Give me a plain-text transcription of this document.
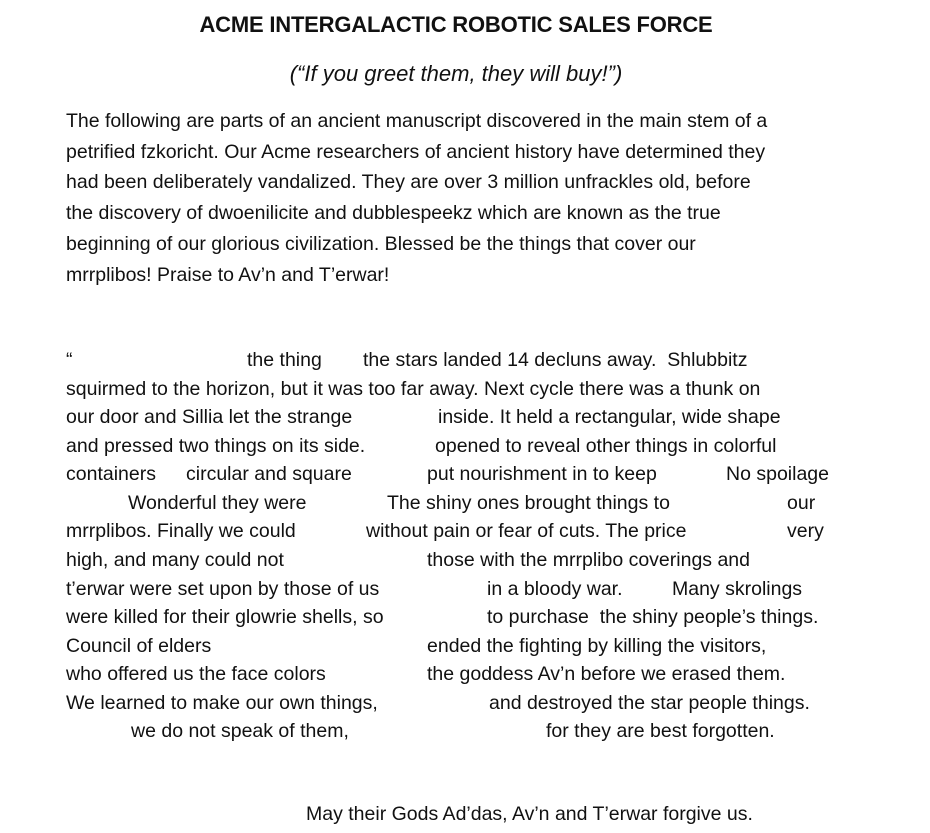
ACME INTERGALACTIC ROBOTIC SALES FORCE
(“If you greet them, they will buy!”)

The following are parts of an ancient manuscript discovered in the main stem of a

petrified fzkoricht. Our Acme researchers of ancient history have determined they

had been deliberately vandalized. They are over 3 million unfrackles old, before

the discovery of dwoenilicite and dubblespeekz which are known as the true

beginning of our glorious civilization. Blessed be the things that cover our

mrrplibos! Praise to Av’n and T’erwar!

“	the thing the stars landed 14 decluns away.  Shlubbitz
squirmed to the horizon, but it was too far away. Next cycle there was a thunk on
our door and Sillia let the strange	inside. It held a rectangular, wide shape
and pressed two things on its side.	opened to reveal other things in colorful
containers circular and square	put nourishment in to keep	No spoilage
Wonderful they were	The shiny ones brought things to	our
mrrplibos. Finally we could	without pain or fear of cuts. The price	very
high, and many could not	those with the mrrplibo coverings and
t’erwar were set upon by those of us	in a bloody war.	Many skrolings
were killed for their glowrie shells, so	to purchase  the shiny people’s things.
Council of elders	ended the fighting by killing the visitors,
who offered us the face colors	the goddess Av’n before we erased them.
We learned to make our own things,	and destroyed the star people things.
we do not speak of them,	for they are best forgotten.
May their Gods Ad’das, Av’n and T’erwar forgive us.
